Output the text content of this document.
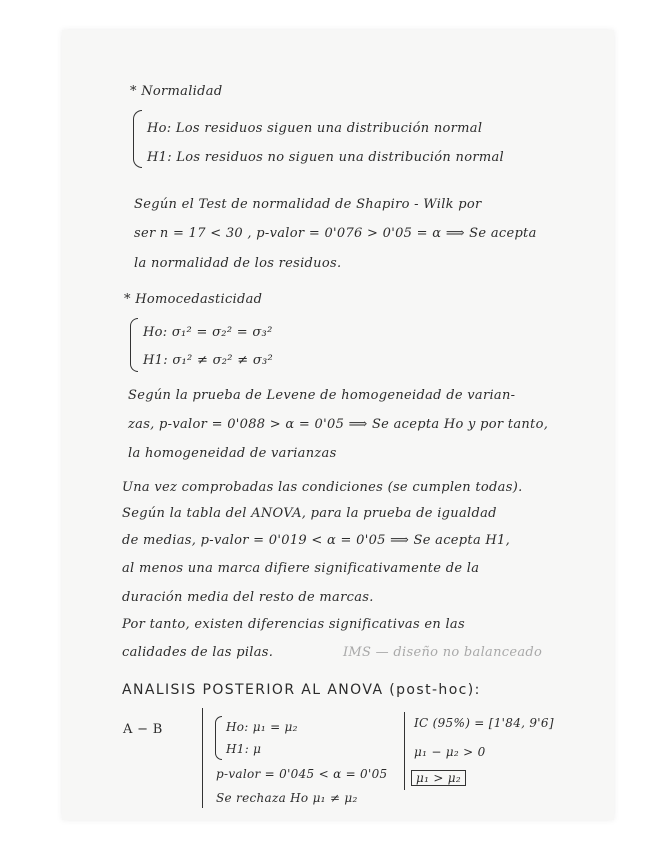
* Normalidad
Ho: Los residuos siguen una distribución normal
H1: Los residuos no siguen una distribución normal
Según el Test de normalidad de Shapiro - Wilk por
ser n = 17 < 30 , p-valor = 0'076 > 0'05 = α ⟹ Se acepta
la normalidad de los residuos.
* Homocedasticidad
Ho: σ₁² = σ₂² = σ₃²
H1: σ₁² ≠ σ₂² ≠ σ₃²
Según la prueba de Levene de homogeneidad de varian-
zas, p-valor = 0'088 > α = 0'05 ⟹ Se acepta Ho y por tanto,
la homogeneidad de varianzas
Una vez comprobadas las condiciones (se cumplen todas).
Según la tabla del ANOVA, para la prueba de igualdad
de medias, p-valor = 0'019 < α = 0'05 ⟹ Se acepta H1,
al menos una marca difiere significativamente de la
duración media del resto de marcas.
Por tanto, existen diferencias significativas en las
calidades de las pilas.	IMS — diseño no balanceado
ANALISIS POSTERIOR AL ANOVA (post-hoc):
A − B	Ho: μ₁ = μ₂
H1: μ
p-valor = 0'045 < α = 0'05
Se rechaza Ho μ₁ ≠ μ₂
IC (95%) = [1'84, 9'6]
μ₁ − μ₂ > 0
μ₁ > μ₂
